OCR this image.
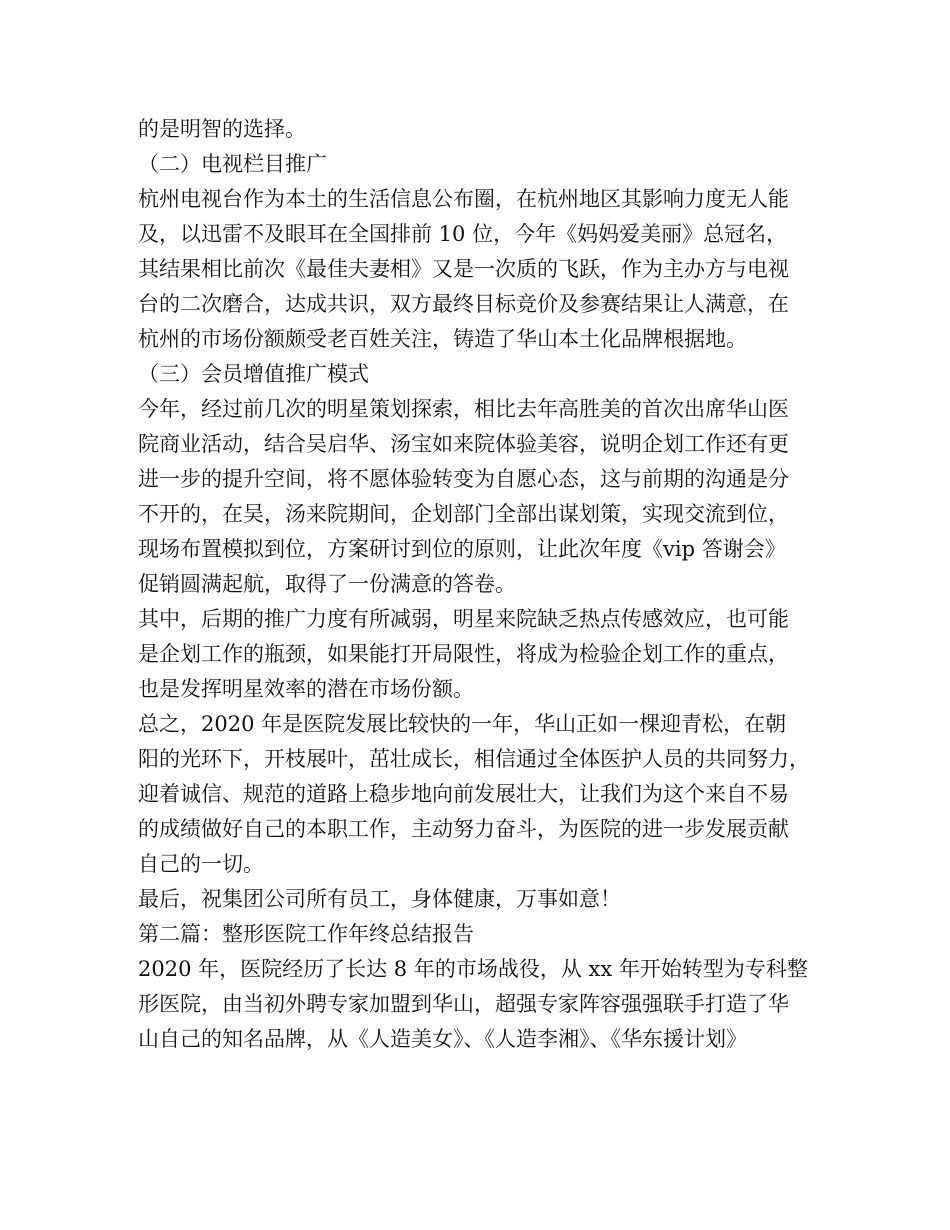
的是明智的选择。
（二）电视栏目推广
杭州电视台作为本土的生活信息公布圈，在杭州地区其影响力度无人能
及，以迅雷不及眼耳在全国排前 10 位，今年《妈妈爱美丽》总冠名，
其结果相比前次《最佳夫妻相》又是一次质的飞跃，作为主办方与电视
台的二次磨合，达成共识，双方最终目标竞价及参赛结果让人满意，在
杭州的市场份额颇受老百姓关注，铸造了华山本土化品牌根据地。
（三）会员增值推广模式
今年，经过前几次的明星策划探索，相比去年高胜美的首次出席华山医
院商业活动，结合吴启华、汤宝如来院体验美容，说明企划工作还有更
进一步的提升空间，将不愿体验转变为自愿心态，这与前期的沟通是分
不开的，在吴，汤来院期间，企划部门全部出谋划策，实现交流到位，
现场布置模拟到位，方案研讨到位的原则，让此次年度《vip 答谢会》
促销圆满起航，取得了一份满意的答卷。
其中，后期的推广力度有所减弱，明星来院缺乏热点传感效应，也可能
是企划工作的瓶颈，如果能打开局限性，将成为检验企划工作的重点，
也是发挥明星效率的潜在市场份额。
总之，2020 年是医院发展比较快的一年，华山正如一棵迎青松，在朝
阳的光环下，开枝展叶，茁壮成长，相信通过全体医护人员的共同努力，
迎着诚信、规范的道路上稳步地向前发展壮大，让我们为这个来自不易
的成绩做好自己的本职工作，主动努力奋斗，为医院的进一步发展贡献
自己的一切。
最后，祝集团公司所有员工，身体健康，万事如意！
第二篇：整形医院工作年终总结报告
2020 年，医院经历了长达 8 年的市场战役，从 xx 年开始转型为专科整
形医院，由当初外聘专家加盟到华山，超强专家阵容强强联手打造了华
山自己的知名品牌，从《人造美女》、《人造李湘》、《华东援计划》
